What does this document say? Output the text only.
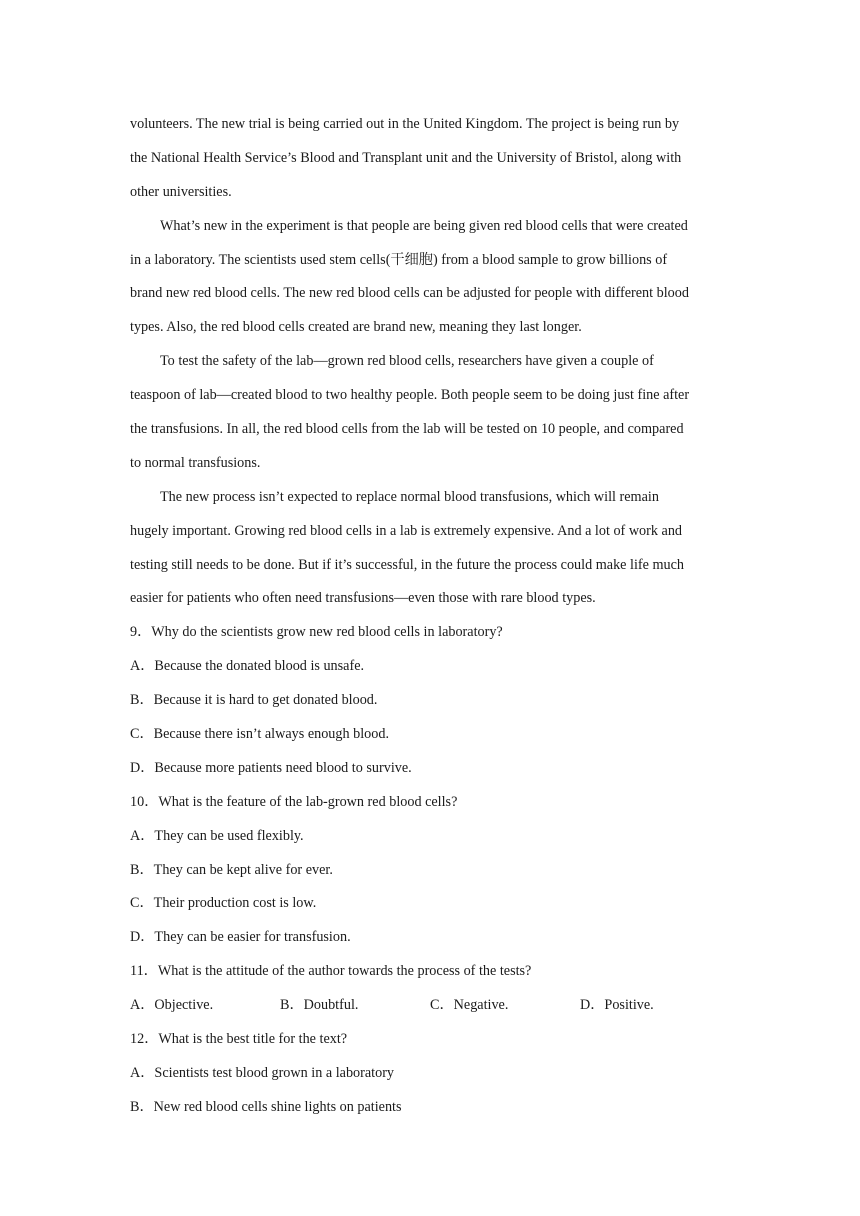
volunteers. The new trial is being carried out in the United Kingdom. The project is being run by
the National Health Service’s Blood and Transplant unit and the University of Bristol, along with
other universities.
What’s new in the experiment is that people are being given red blood cells that were created
in a laboratory. The scientists used stem cells(干细胞) from a blood sample to grow billions of
brand new red blood cells. The new red blood cells can be adjusted for people with different blood
types. Also, the red blood cells created are brand new, meaning they last longer.
To test the safety of the lab—grown red blood cells, researchers have given a couple of
teaspoon of lab—created blood to two healthy people. Both people seem to be doing just fine after
the transfusions. In all, the red blood cells from the lab will be tested on 10 people, and compared
to normal transfusions.
The new process isn’t expected to replace normal blood transfusions, which will remain
hugely important. Growing red blood cells in a lab is extremely expensive. And a lot of work and
testing still needs to be done. But if it’s successful, in the future the process could make life much
easier for patients who often need transfusions—even those with rare blood types.
9．Why do the scientists grow new red blood cells in laboratory?
A．Because the donated blood is unsafe.
B．Because it is hard to get donated blood.
C．Because there isn’t always enough blood.
D．Because more patients need blood to survive.
10．What is the feature of the lab-grown red blood cells?
A．They can be used flexibly.
B．They can be kept alive for ever.
C．Their production cost is low.
D．They can be easier for transfusion.
11．What is the attitude of the author towards the process of the tests?
A．Objective.	B．Doubtful.	C．Negative.	D．Positive.
12．What is the best title for the text?
A．Scientists test blood grown in a laboratory
B．New red blood cells shine lights on patients
